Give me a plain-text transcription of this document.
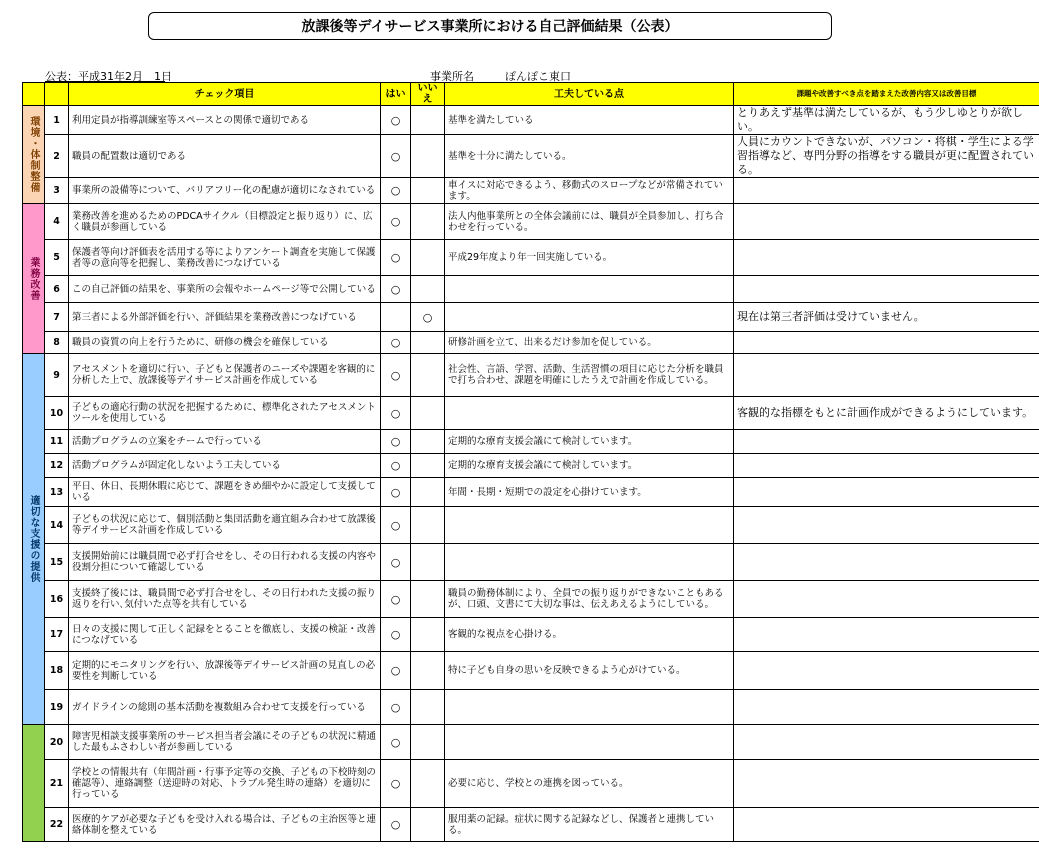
放課後等デイサービス事業所における自己評価結果（公表）
公表：平成31年2月　1日	事業所名	ぽんぽこ東口
		チェック項目	はい	いいえ	工夫している点	課題や改善すべき点を踏まえた改善内容又は改善目標
環境・体制整備	1	利用定員が指導訓練室等スペースとの関係で適切である	○		基準を満たしている	とりあえず基準は満たしているが、もう少しゆとりが欲しい。
	2	職員の配置数は適切である	○		基準を十分に満たしている。	人員にカウントできないが、パソコン・将棋・学生による学習指導など、専門分野の指導をする職員が更に配置されている。
	3	事業所の設備等について、バリアフリー化の配慮が適切になされている	○		車イスに対応できるよう、移動式のスロープなどが常備されています。	
業務改善	4	業務改善を進めるためのPDCAサイクル（目標設定と振り返り）に、広く職員が参画している	○		法人内他事業所との全体会議前には、職員が全員参加し、打ち合わせを行っている。	
	5	保護者等向け評価表を活用する等によりアンケート調査を実施して保護者等の意向等を把握し、業務改善につなげている	○		平成29年度より年一回実施している。	
	6	この自己評価の結果を、事業所の会報やホームページ等で公開している	○			
	7	第三者による外部評価を行い、評価結果を業務改善につなげている		○		現在は第三者評価は受けていません。
	8	職員の資質の向上を行うために、研修の機会を確保している	○		研修計画を立て、出来るだけ参加を促している。	
適切な支援の提供	9	アセスメントを適切に行い、子どもと保護者のニーズや課題を客観的に分析した上で、放課後等デイサービス計画を作成している	○		社会性、言語、学習、活動、生活習慣の項目に応じた分析を職員で打ち合わせ、課題を明確にしたうえで計画を作成している。	
	10	子どもの適応行動の状況を把握するために、標準化されたアセスメントツールを使用している	○			客観的な指標をもとに計画作成ができるようにしています。
	11	活動プログラムの立案をチームで行っている	○		定期的な療育支援会議にて検討しています。	
	12	活動プログラムが固定化しないよう工夫している	○		定期的な療育支援会議にて検討しています。	
	13	平日、休日、長期休暇に応じて、課題をきめ細やかに設定して支援している	○		年間・長期・短期での設定を心掛けています。	
	14	子どもの状況に応じて、個別活動と集団活動を適宜組み合わせて放課後等デイサービス計画を作成している	○			
	15	支援開始前には職員間で必ず打合せをし、その日行われる支援の内容や役割分担について確認している	○			
	16	支援終了後には、職員間で必ず打合せをし、その日行われた支援の振り返りを行い､気付いた点等を共有している	○		職員の勤務体制により、全員での振り返りができないこともあるが、口頭、文書にて大切な事は、伝えあえるようにしている。	
	17	日々の支援に関して正しく記録をとることを徹底し、支援の検証・改善につなげている	○		客観的な視点を心掛ける。	
	18	定期的にモニタリングを行い、放課後等デイサービス計画の見直しの必要性を判断している	○		特に子ども自身の思いを反映できるよう心がけている。	
	19	ガイドラインの総則の基本活動を複数組み合わせて支援を行っている	○			
	20	障害児相談支援事業所のサービス担当者会議にその子どもの状況に精通した最もふさわしい者が参画している	○			
	21	学校との情報共有（年間計画・行事予定等の交換、子どもの下校時刻の確認等）、連絡調整（送迎時の対応、トラブル発生時の連絡）を適切に行っている	○		必要に応じ、学校との連携を図っている。	
	22	医療的ケアが必要な子どもを受け入れる場合は、子どもの主治医等と連絡体制を整えている	○		服用薬の記録。症状に関する記録などし、保護者と連携している。	
